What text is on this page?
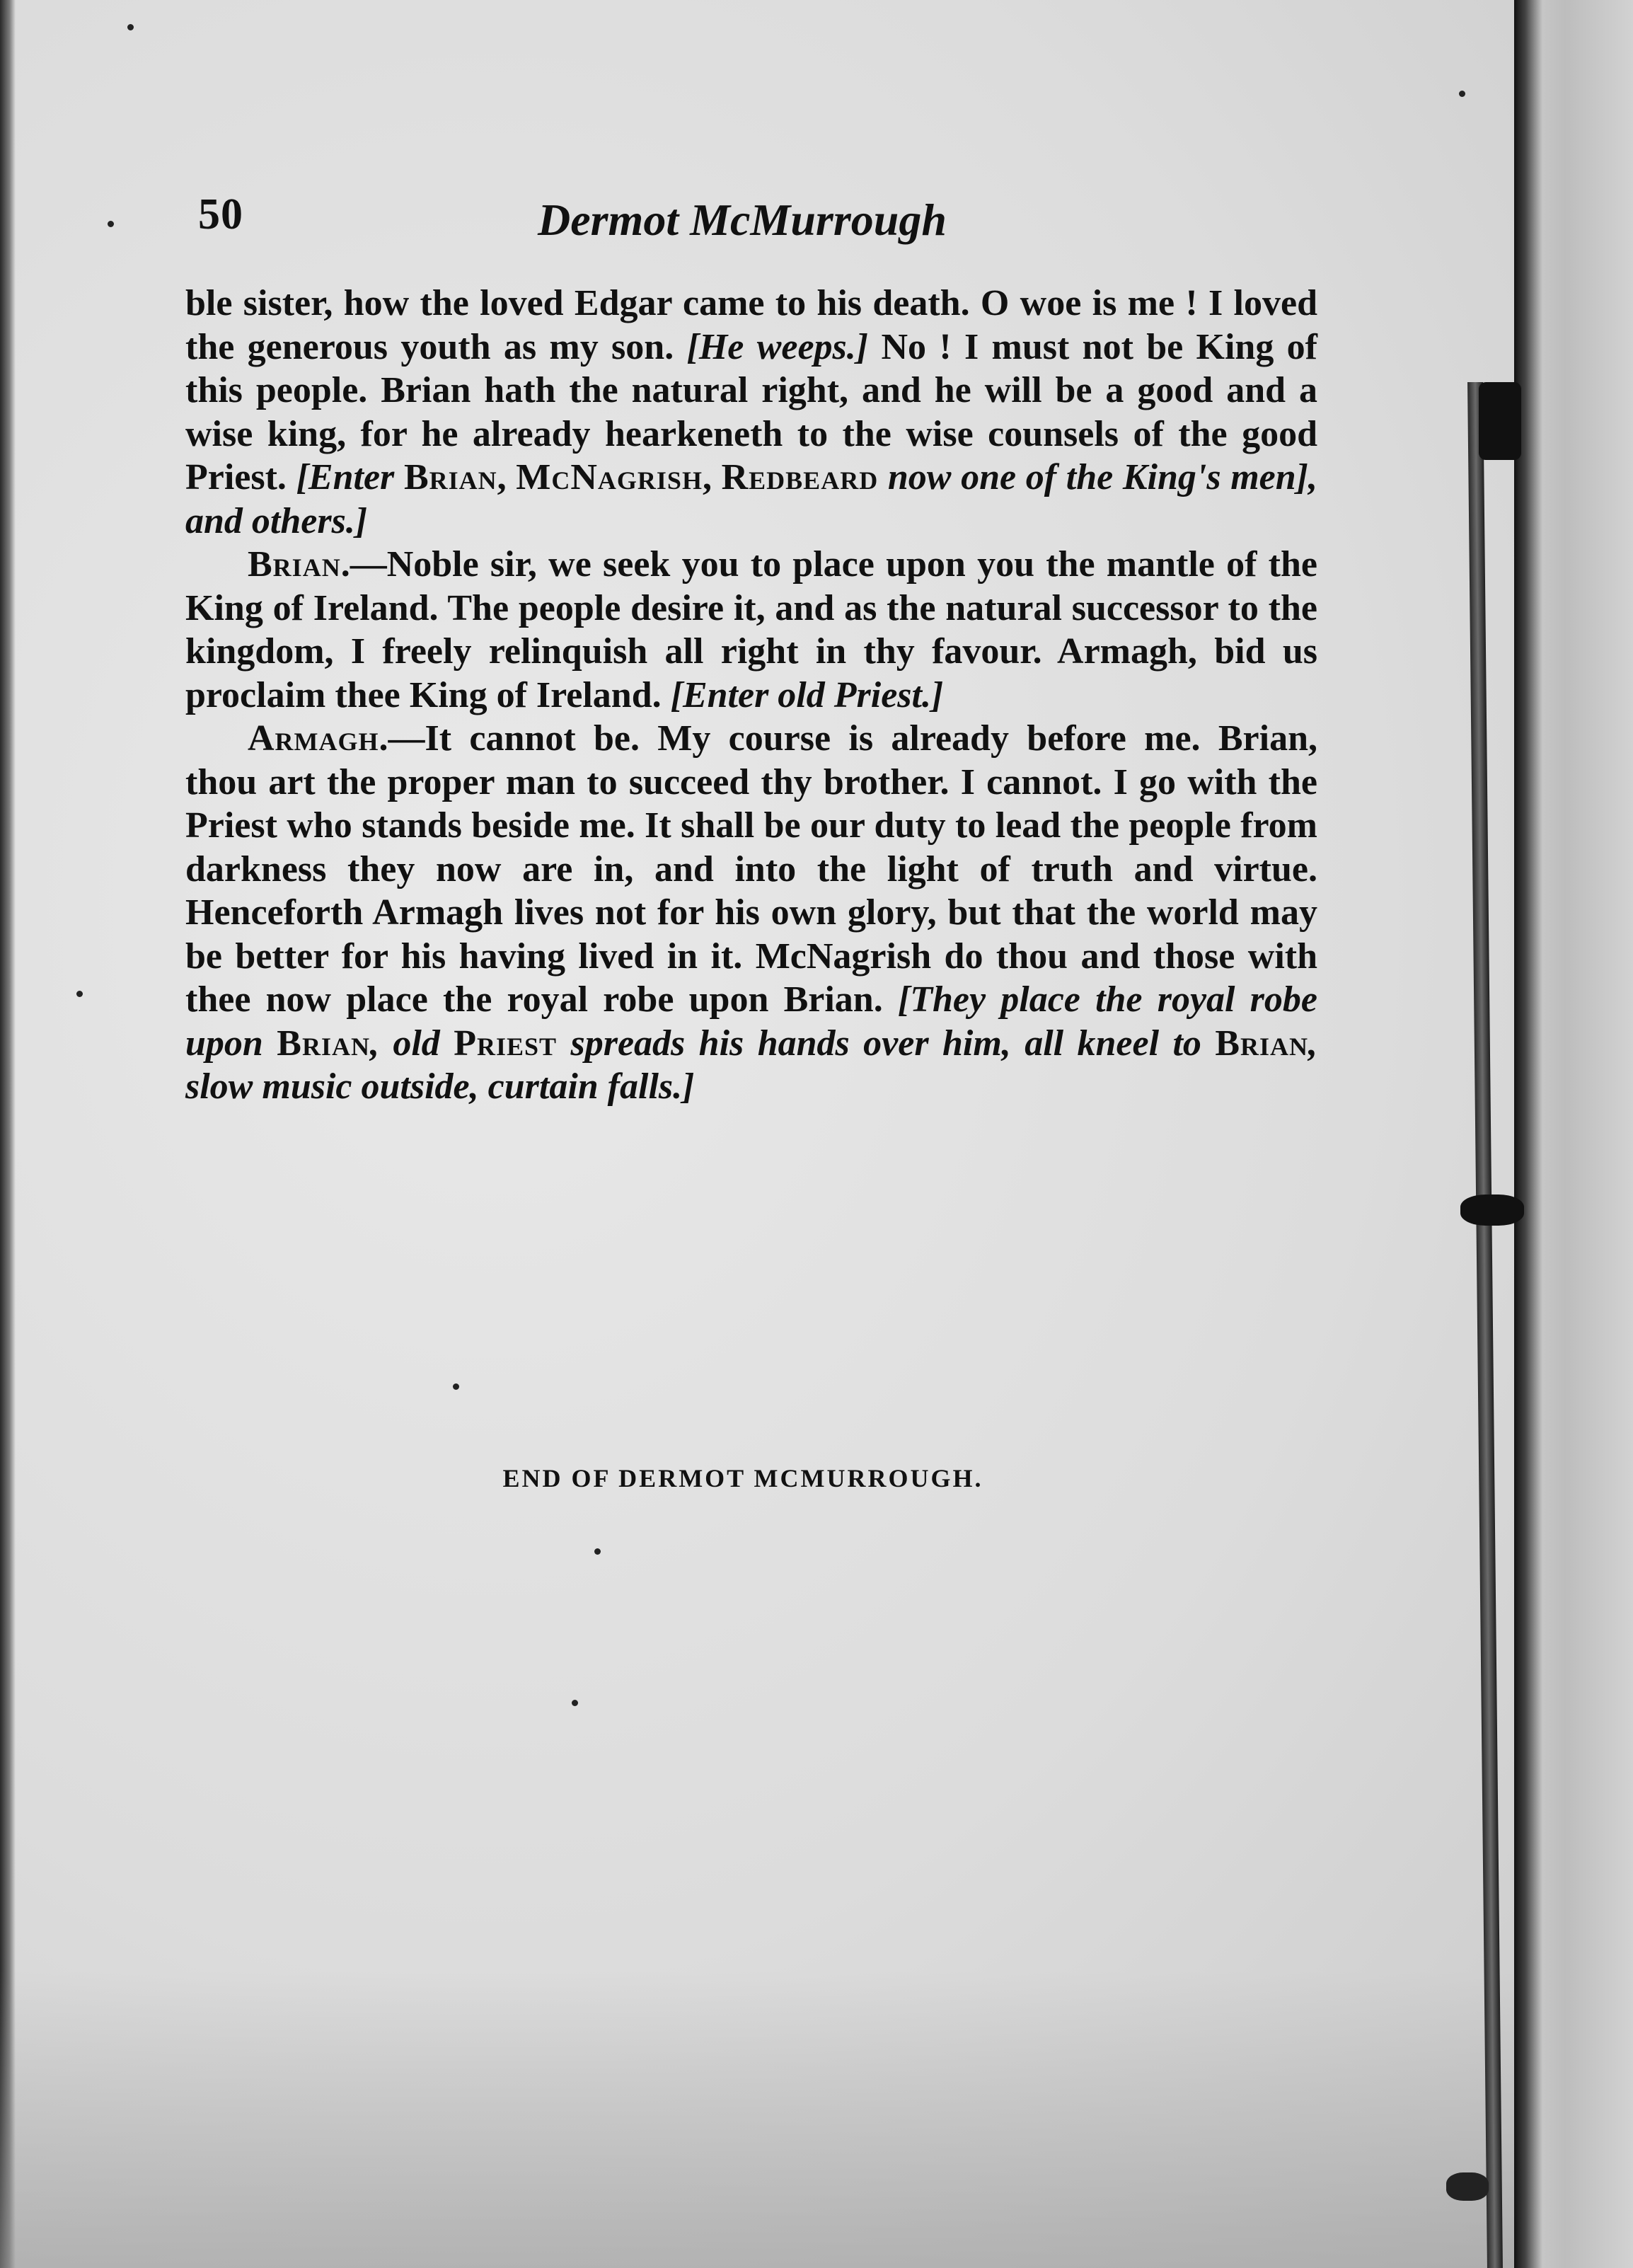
50	Dermot McMurrough

ble sister, how the loved Edgar came to his death. O woe is me ! I loved the generous youth as my son. [He weeps.] No ! I must not be King of this people. Brian hath the natural right, and he will be a good and a wise king, for he already hearkeneth to the wise counsels of the good Priest. [Enter Brian, McNagrish, Redbeard now one of the King's men], and others.]

Brian.—Noble sir, we seek you to place upon you the mantle of the King of Ireland. The people desire it, and as the natural successor to the kingdom, I freely relinquish all right in thy favour. Armagh, bid us proclaim thee King of Ireland. [Enter old Priest.]

Armagh.—It cannot be. My course is already before me. Brian, thou art the proper man to succeed thy brother. I cannot. I go with the Priest who stands beside me. It shall be our duty to lead the people from darkness they now are in, and into the light of truth and virtue. Henceforth Armagh lives not for his own glory, but that the world may be better for his having lived in it. McNagrish do thou and those with thee now place the royal robe upon Brian. [They place the royal robe upon Brian, old Priest spreads his hands over him, all kneel to Brian, slow music outside, curtain falls.]

END OF DERMOT MCMURROUGH.
